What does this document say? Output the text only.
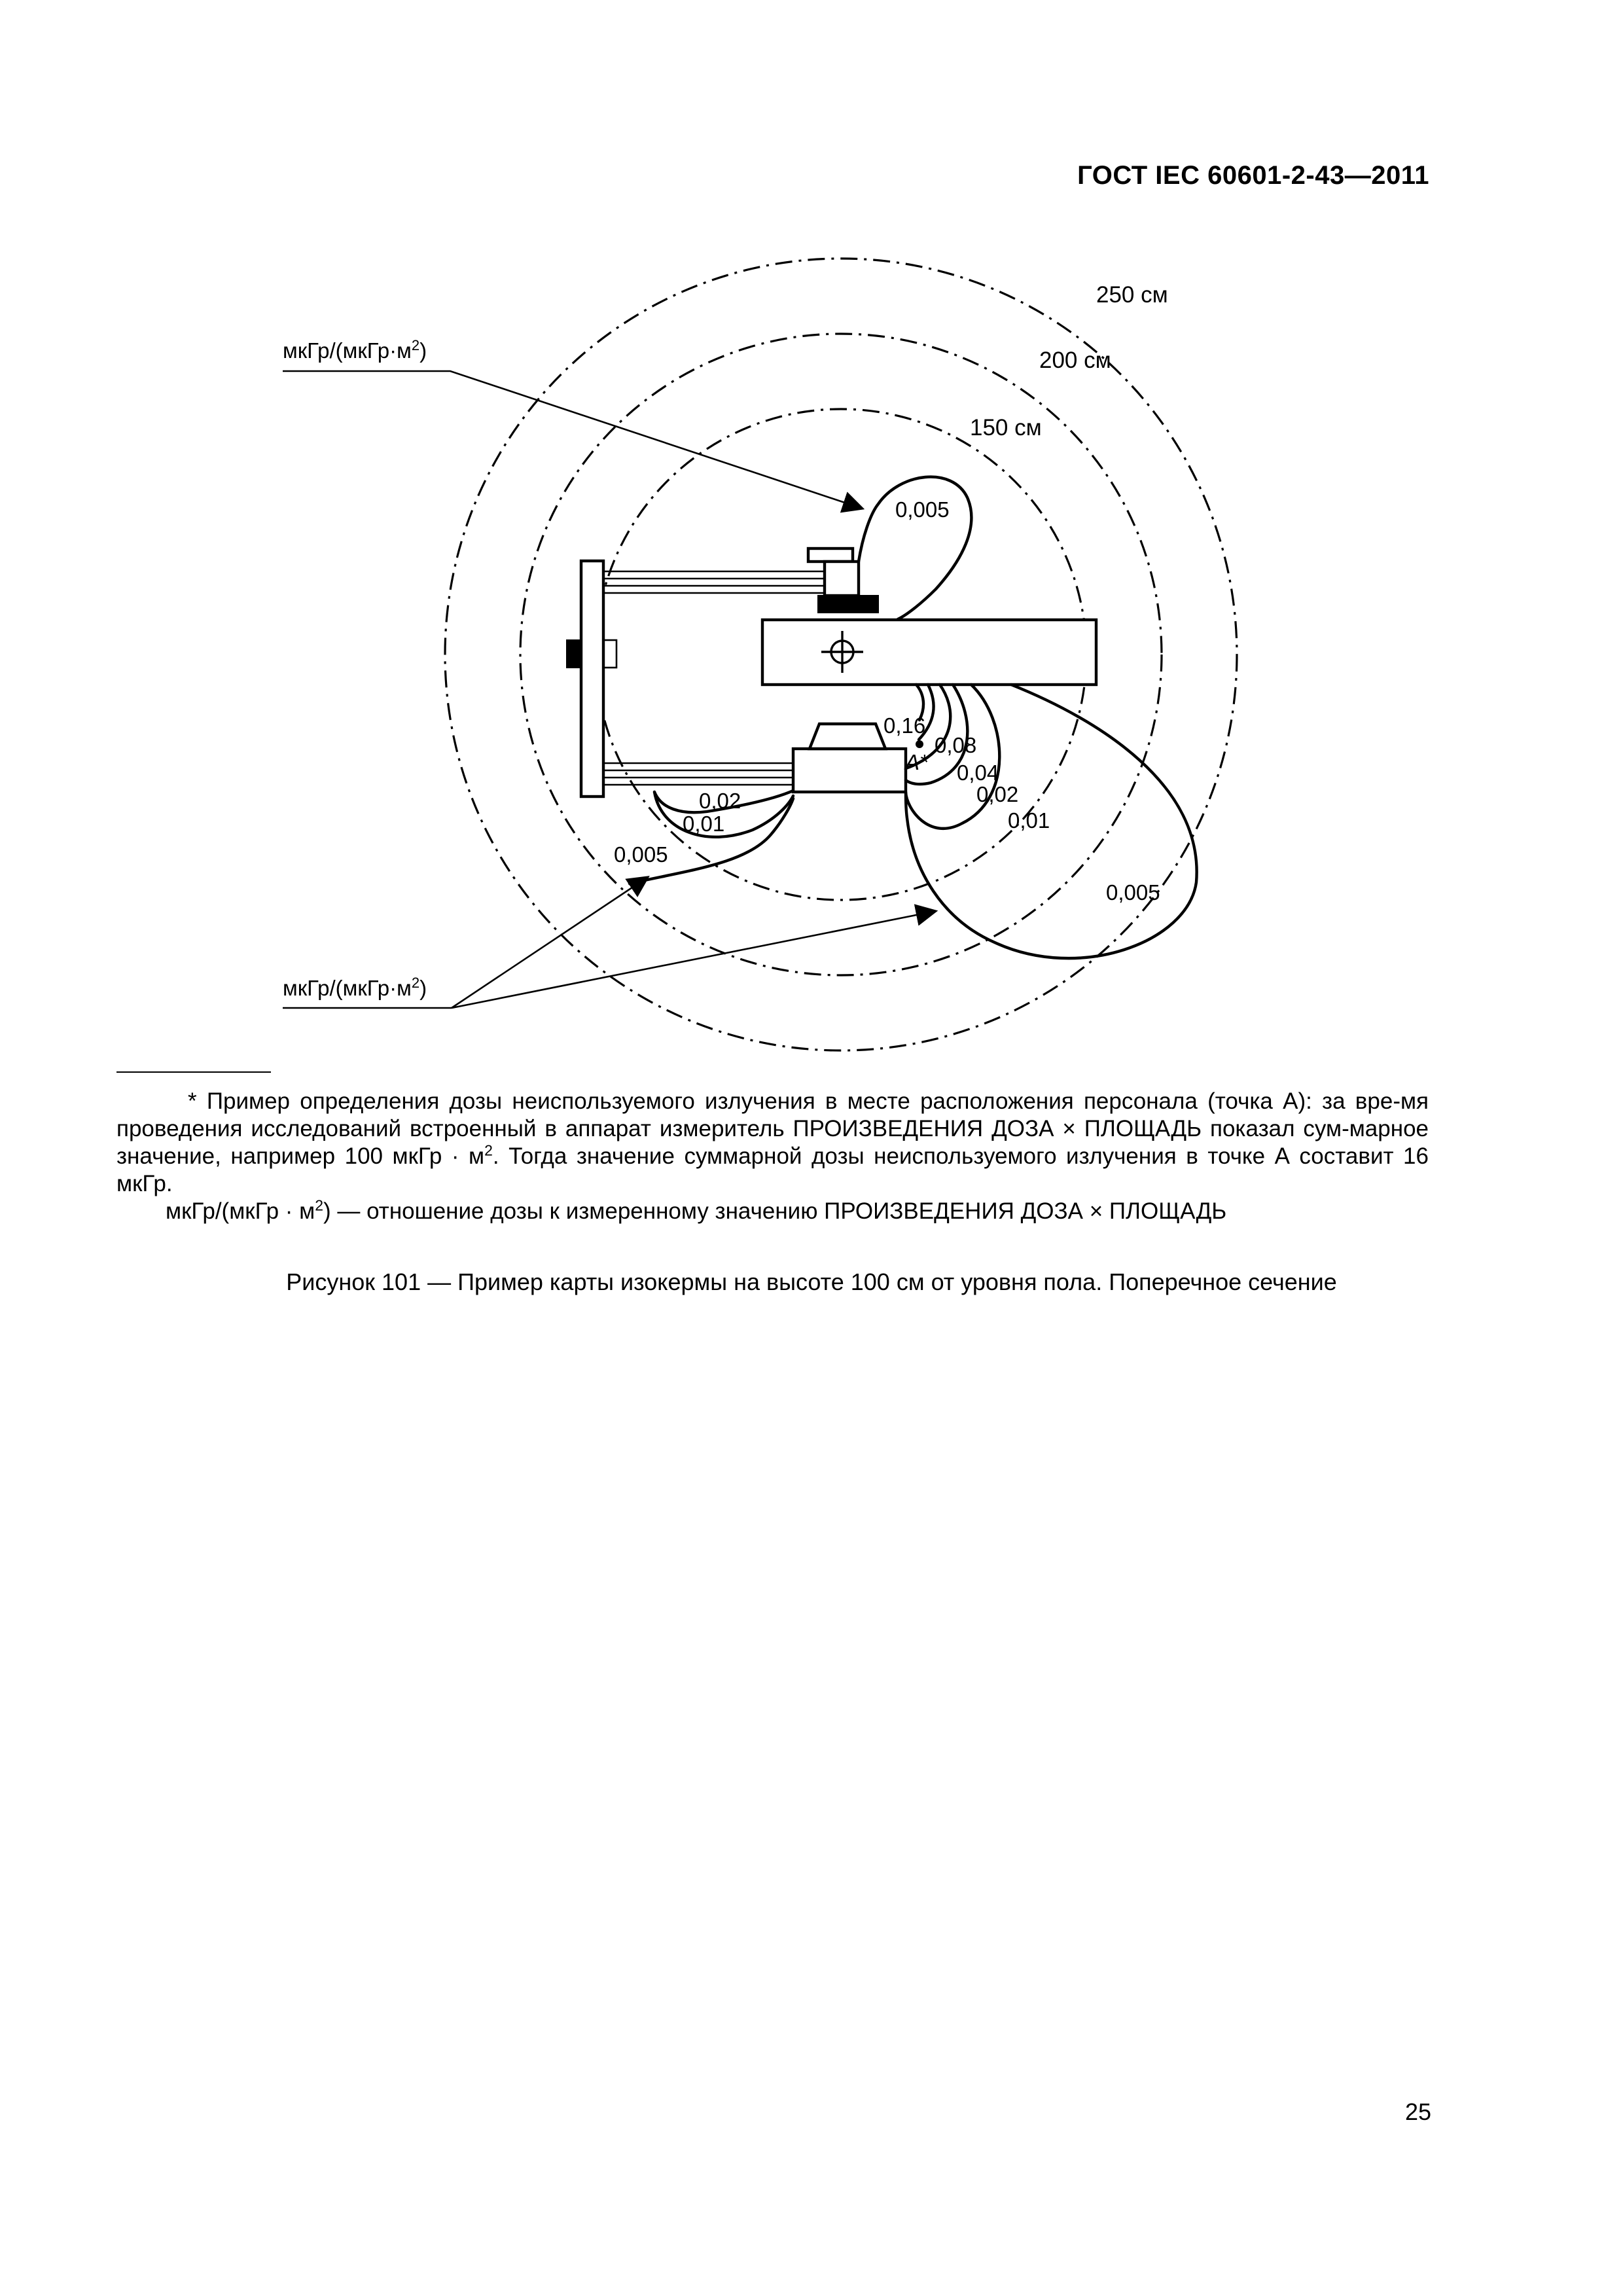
ГОСТ IEC 60601-2-43—2011
250 см
200 см
150 см
0,005
0,16
0,08
0,04
0,02
0,01
0,005
0,02
0,01
0,005
A*
мкГр/$(мкГр\cdot м^2)$
мкГр/$(мкГр\cdot м^2)$

* Пример определения дозы неиспользуемого излучения в месте расположения персонала (точка А): за вре-мя проведения исследований встроенный в аппарат измеритель ПРОИЗВЕДЕНИЯ ДОЗА × ПЛОЩАДЬ показал сум-марное значение, например 100 мкГр · $м^2$. Тогда значение суммарной дозы неиспользуемого излучения в точке А составит 16 мкГр.

мкГр/(мкГр · $м^2$) — отношение дозы к измеренному значению ПРОИЗВЕДЕНИЯ ДОЗА × ПЛОЩАДЬ

Рисунок 101 — Пример карты изокермы на высоте 100 см от уровня пола. Поперечное сечение
25
